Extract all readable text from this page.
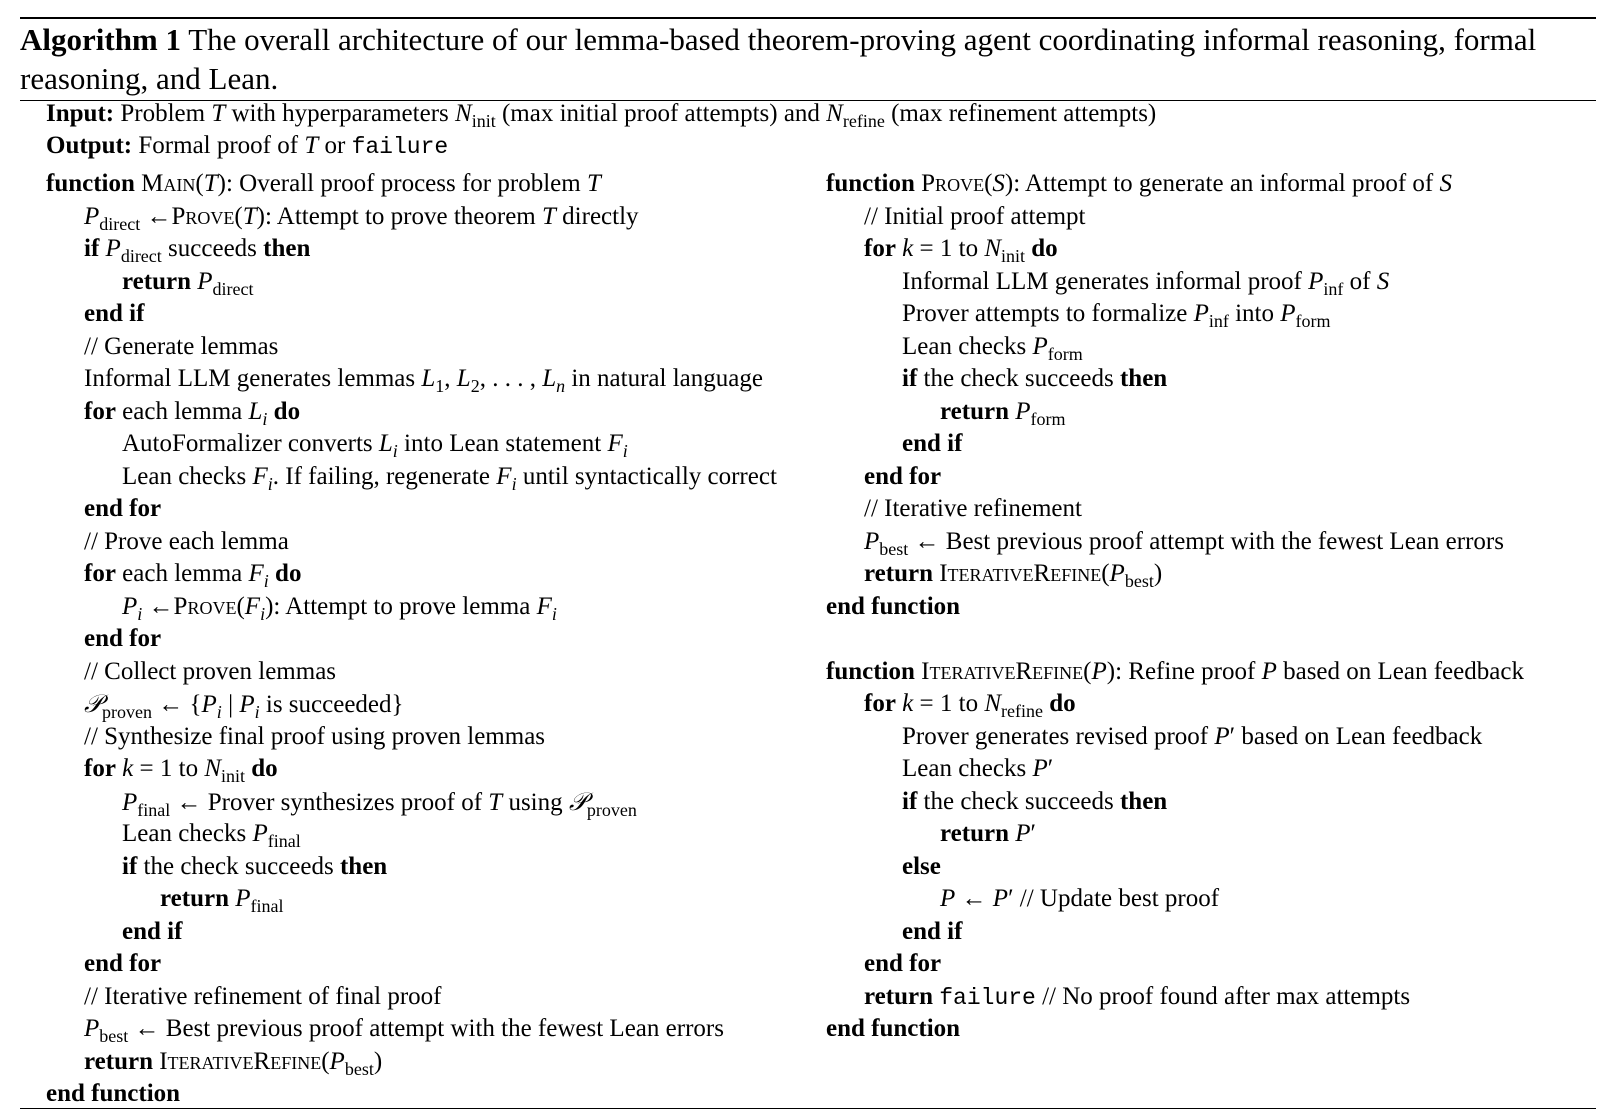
Algorithm 1 The overall architecture of our lemma-based theorem-proving agent coordinating informal reasoning, formal reasoning, and Lean.
Input: Problem T with hyperparameters $N_{init}$ (max initial proof attempts) and $N_{refine}$ (max refinement attempts)
Output: Formal proof of T or failure
function Main(T): Overall proof process for problem T
$P_{direct}$ ←Prove(T): Attempt to prove theorem T directly
if $P_{direct}$ succeeds then
return $P_{direct}$
end if
// Generate lemmas
Informal LLM generates lemmas $L_1$, $L_2$, . . . , $L_n$ in natural language
for each lemma $L_i$ do
AutoFormalizer converts $L_i$ into Lean statement $F_i$
Lean checks $F_i$. If failing, regenerate $F_i$ until syntactically correct
end for
// Prove each lemma
for each lemma $F_i$ do
$P_i$ $\leftarrow Prove(F_i)$: Attempt to prove lemma $F_i$
end for
// Collect proven lemmas
𝒫$_{proven}$ ← {$P_i$ | $P_i$ is succeeded}
// Synthesize final proof using proven lemmas
for k = 1 to $N_{init}$ do
$P_{final}$ ← Prover synthesizes proof of T using 𝒫$_{proven}$
Lean checks $P_{final}$
if the check succeeds then
return $P_{final}$
end if
end for
// Iterative refinement of final proof
$P_{best}$ ← Best previous proof attempt with the fewest Lean errors
return $IterativeRefine(P_{best})$
end function
function Prove(S): Attempt to generate an informal proof of S
// Initial proof attempt
for k = 1 to $N_{init}$ do
Informal LLM generates informal proof $P_{inf}$ of S
Prover attempts to formalize $P_{inf}$ into $P_{form}$
Lean checks $P_{form}$
if the check succeeds then
return $P_{form}$
end if
end for
// Iterative refinement
$P_{best}$ ← Best previous proof attempt with the fewest Lean errors
return $IterativeRefine(P_{best})$
end function
function IterativeRefine(P): Refine proof P based on Lean feedback
for k = 1 to $N_{refine}$ do
Prover generates revised proof P′ based on Lean feedback
Lean checks P′
if the check succeeds then
return P′
else
P ← P′ // Update best proof
end if
end for
return failure // No proof found after max attempts
end function
